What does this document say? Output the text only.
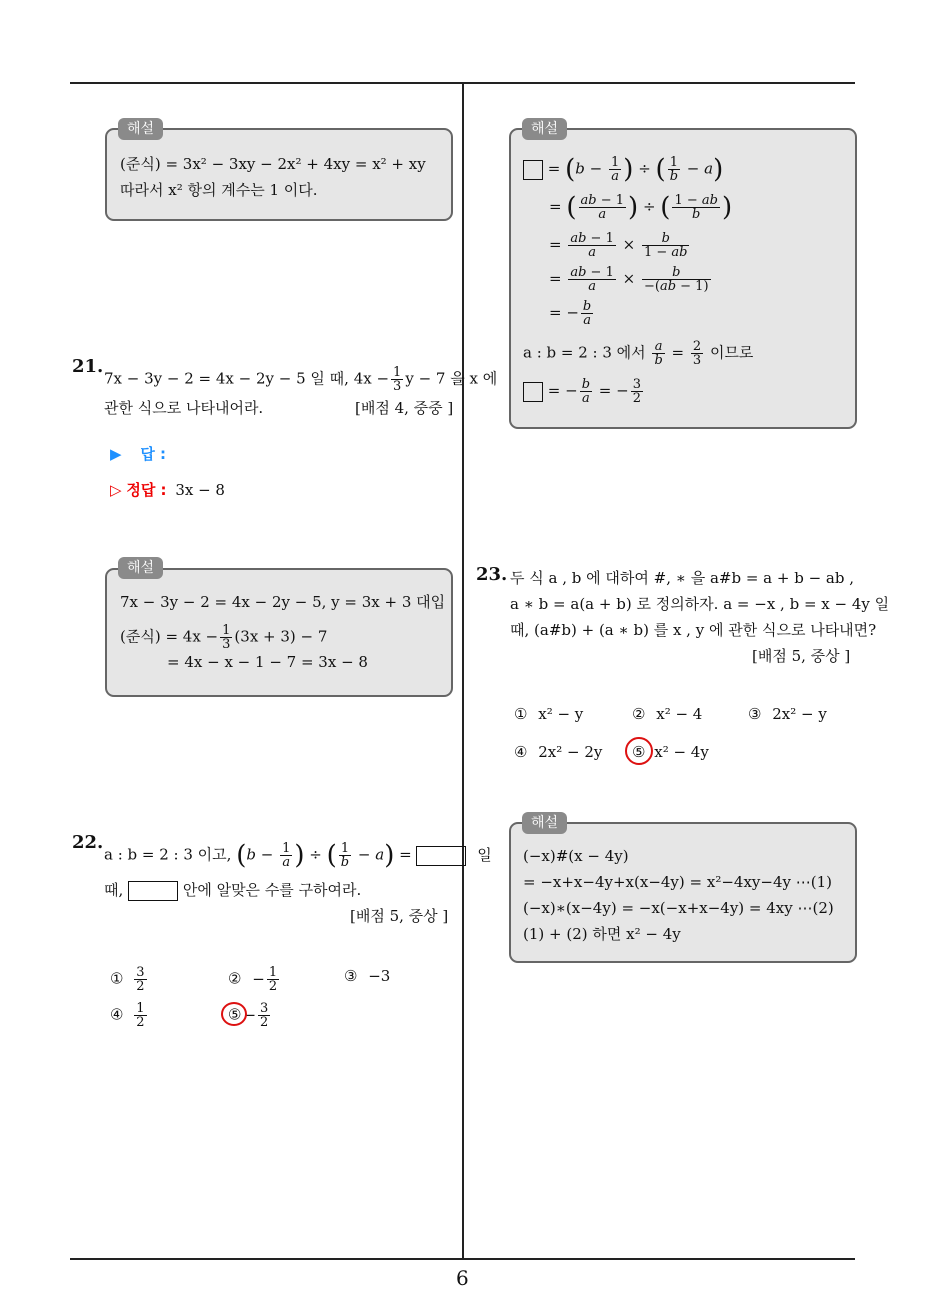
6
(준식) = 3x² − 3xy − 2x² + 4xy = x² + xy
따라서 x² 항의 계수는 1 이다.
해설
21.
7x − 3y − 2 = 4x − 2y − 5 일 때, $4x - \frac{1}{3}$ y − 7 을 x 에
관한 식으로 나타내어라.	[배점 4, 중중 ]
▶ 답 :
▷ 정답 : 3x − 8
7x − 3y − 2 = 4x − 2y − 5, y = 3x + 3 대입
(준식) = $4x - \frac{1}{3} (3x + 3) - 7$
= 4x − x − 1 − 7 = 3x − 8
해설
22.
a : b = 2 : 3 이고, ($b - \frac{1}{a}$ ) ÷ ( $\frac{1}{b} - a$) =	일
때,	안에 알맞은 수를 구하여라.
[배점 5, 중상 ]
① $\frac{3}{2}$	② − $\frac{1}{2}$	③ −3
④ $\frac{1}{2}$	⑤ − $\frac{3}{2}$
= ($b - \frac{1}{a}$ ) ÷ ( $\frac{1}{b} - a$)
= ( $\frac{ab - 1}{a}$ ) ÷ ( $\frac{1 - ab}{b}$ )
= $\frac{ab - 1}{a} \times \frac{b}{1 - ab}$
= $\frac{ab - 1}{a} \times \frac{b}{-(ab - 1)}$
= − $\frac{b}{a}$
a : b = 2 : 3 에서 $\frac{a}{b} = \frac{2}{3}$ 이므로
= − $\frac{b}{a}$ = − $\frac{3}{2}$
해설
23. 두 식 a , b 에 대하여 #, ∗ 을 a#b = a + b − ab ,
a ∗ b = a(a + b) 로 정의하자. a = −x , b = x − 4y 일
때, (a#b) + (a ∗ b) 를 x , y 에 관한 식으로 나타내면?
[배점 5, 중상 ]
① x² − y	② x² − 4	③ 2x² − y
④ 2x² − 2y ⑤ x² − 4y
(−x)#(x − 4y)
= −x+x−4y+x(x−4y) = x²−4xy−4y ⋯(1)
(−x)∗(x−4y) = −x(−x+x−4y) = 4xy ⋯(2)
(1) + (2) 하면 x² − 4y
해설
